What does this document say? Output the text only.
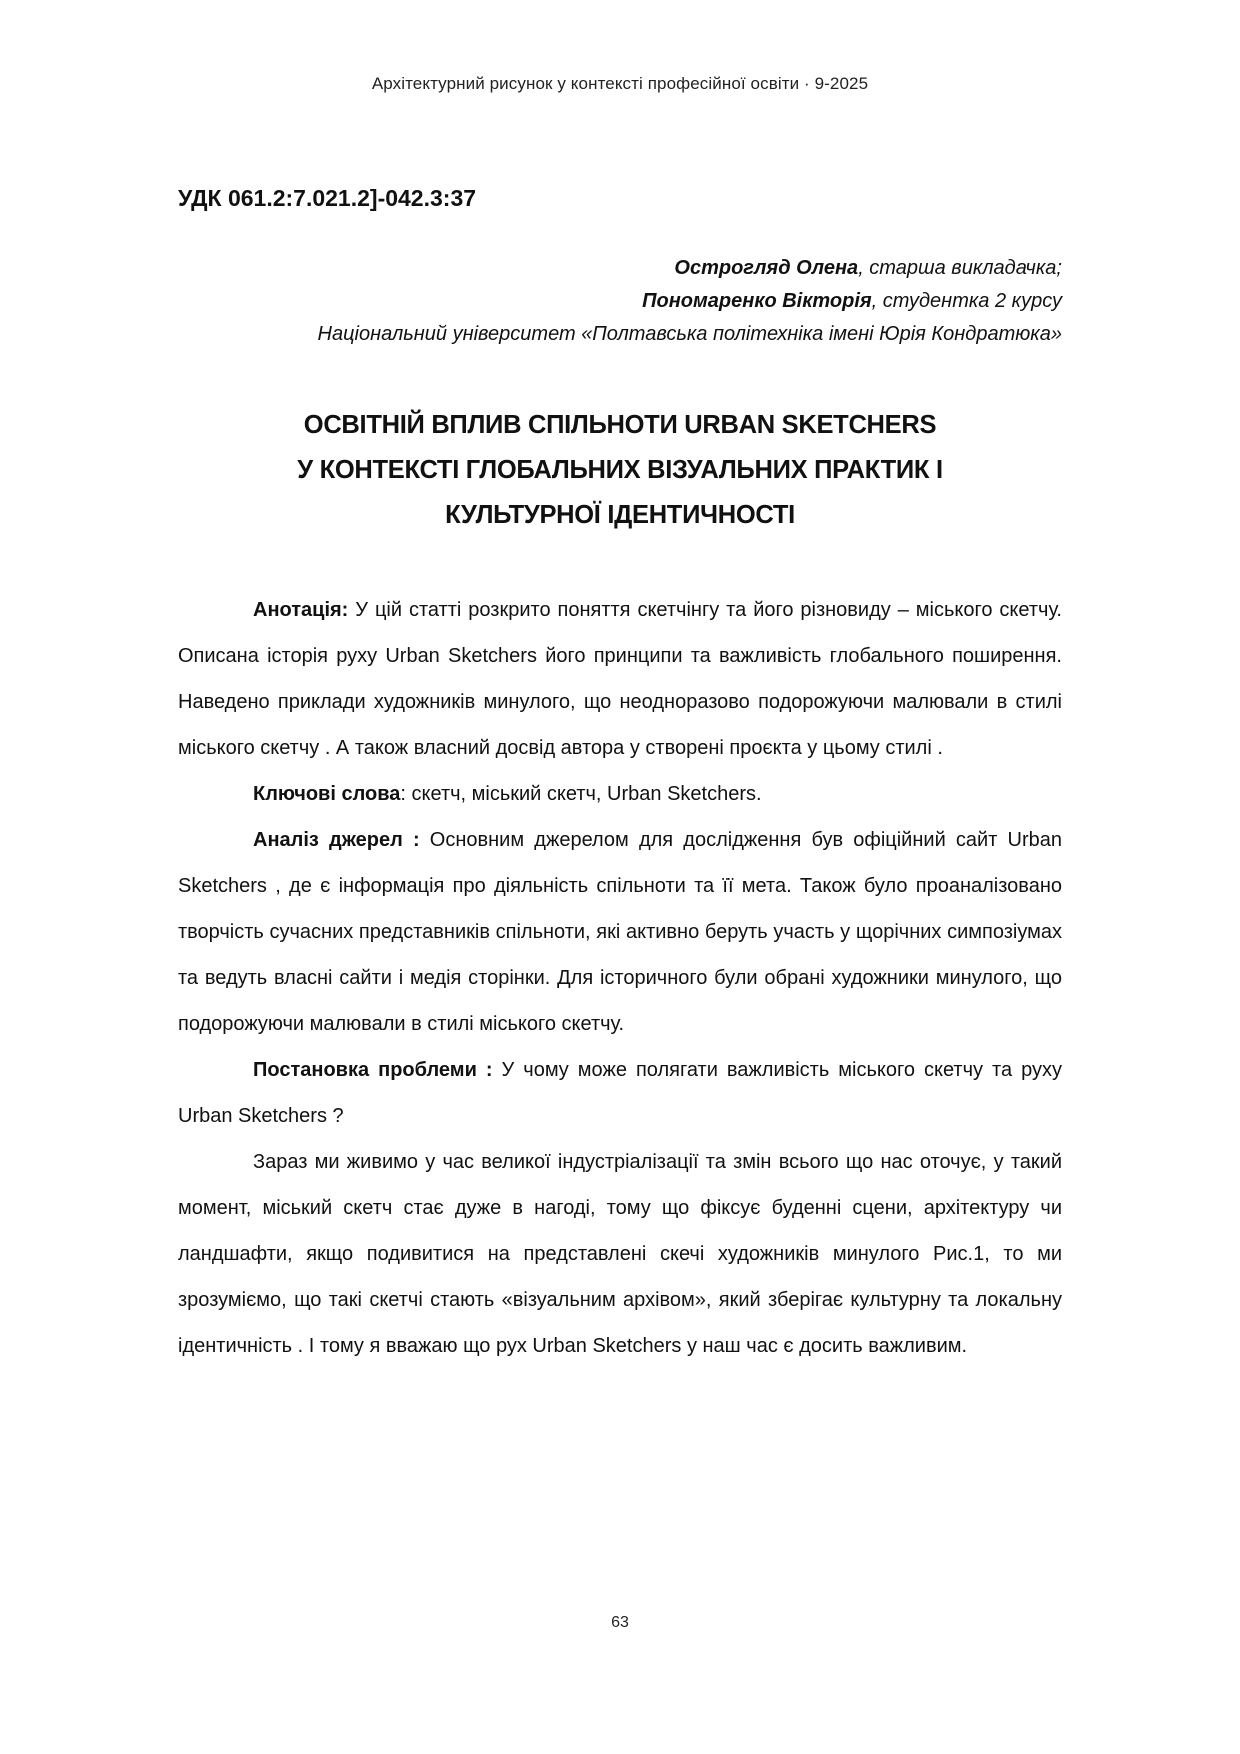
Архітектурний рисунок у контексті професійної освіти · 9-2025
УДК 061.2:7.021.2]-042.3:37
Острогляд Олена, старша викладачка;
Пономаренко Вікторія, студентка 2 курсу
Національний університет «Полтавська політехніка імені Юрія Кондратюка»
ОСВІТНІЙ ВПЛИВ СПІЛЬНОТИ URBAN SKETCHERS
У КОНТЕКСТІ ГЛОБАЛЬНИХ ВІЗУАЛЬНИХ ПРАКТИК І
КУЛЬТУРНОЇ ІДЕНТИЧНОСТІ

Анотація: У цій статті розкрито поняття скетчінгу та його різновиду – міського скетчу. Описана історія руху Urban Sketchers його принципи та важливість глобального поширення. Наведено приклади художників минулого, що неодноразово подорожуючи малювали в стилі міського скетчу . А також власний досвід автора у створені проєкта у цьому стилі .

Ключові слова: скетч, міський скетч, Urban Sketchers.

Аналіз джерел : Основним джерелом для дослідження був офіційний сайт Urban Sketchers , де є інформація про діяльність спільноти та її мета. Також було проаналізовано творчість сучасних представників спільноти, які активно беруть участь у щорічних симпозіумах та ведуть власні сайти і медія сторінки. Для історичного були обрані художники минулого, що подорожуючи малювали в стилі міського скетчу.

Постановка проблеми : У чому може полягати важливість міського скетчу та руху Urban Sketchers ?

Зараз ми живимо у час великої індустріалізації та змін всього що нас оточує, у такий момент, міський скетч стає дуже в нагоді, тому що фіксує буденні сцени, архітектуру чи ландшафти, якщо подивитися на представлені скечі художників минулого Рис.1, то ми зрозуміємо, що такі скетчі стають «візуальним архівом», який зберігає культурну та локальну ідентичність . І тому я вважаю що рух Urban Sketchers у наш час є досить важливим.

63
